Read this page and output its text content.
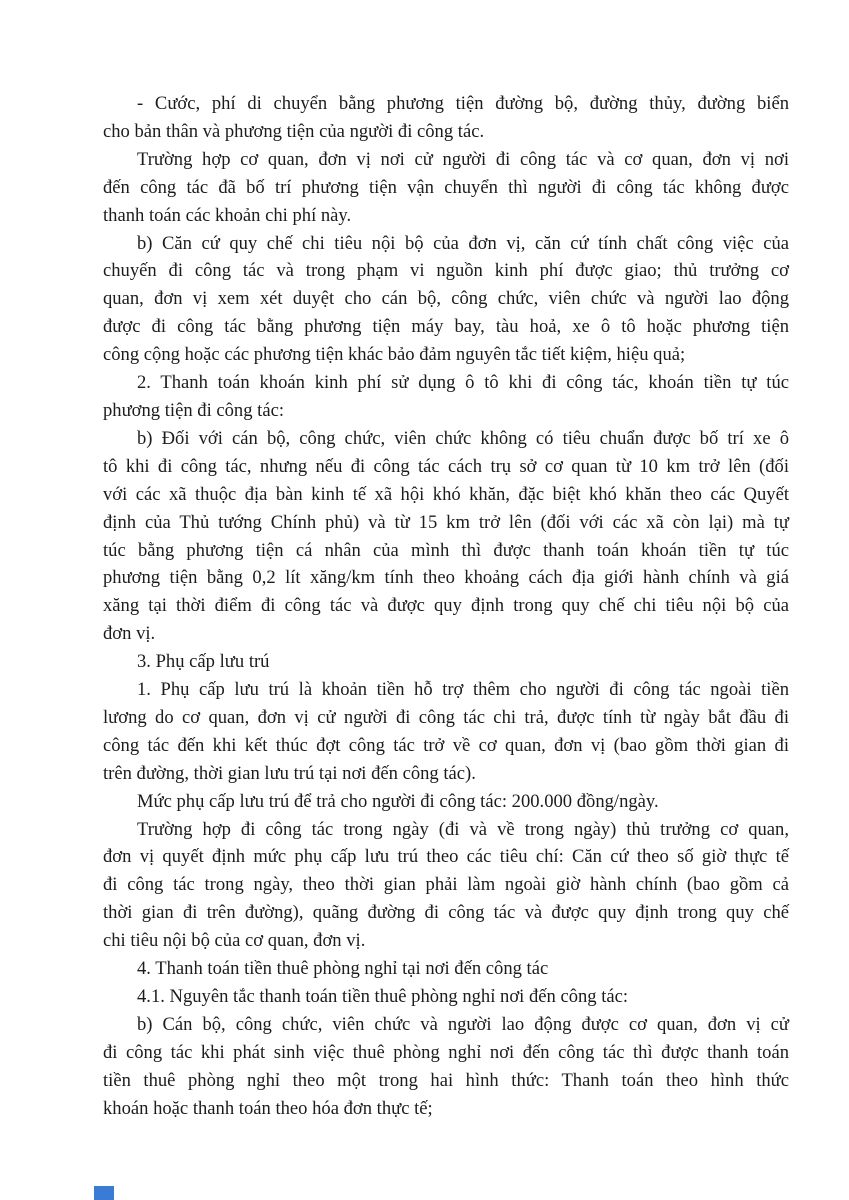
- Cước, phí di chuyển bằng phương tiện đường bộ, đường thủy, đường biển
cho bản thân và phương tiện của người đi công tác.
Trường hợp cơ quan, đơn vị nơi cử người đi công tác và cơ quan, đơn vị nơi
đến công tác đã bố trí phương tiện vận chuyển thì người đi công tác không được
thanh toán các khoản chi phí này.
b) Căn cứ quy chế chi tiêu nội bộ của đơn vị, căn cứ tính chất công việc của
chuyến đi công tác và trong phạm vi nguồn kinh phí được giao; thủ trưởng cơ
quan, đơn vị xem xét duyệt cho cán bộ, công chức, viên chức và người lao động
được đi công tác bằng phương tiện máy bay, tàu hoả, xe ô tô hoặc phương tiện
công cộng hoặc các phương tiện khác bảo đảm nguyên tắc tiết kiệm, hiệu quả;
2. Thanh toán khoán kinh phí sử dụng ô tô khi đi công tác, khoán tiền tự túc
phương tiện đi công tác:
b) Đối với cán bộ, công chức, viên chức không có tiêu chuẩn được bố trí xe ô
tô khi đi công tác, nhưng nếu đi công tác cách trụ sở cơ quan từ 10 km trở lên (đối
với các xã thuộc địa bàn kinh tế xã hội khó khăn, đặc biệt khó khăn theo các Quyết
định của Thủ tướng Chính phủ) và từ 15 km trở lên (đối với các xã còn lại) mà tự
túc bằng phương tiện cá nhân của mình thì được thanh toán khoán tiền tự túc
phương tiện bằng 0,2 lít xăng/km tính theo khoảng cách địa giới hành chính và giá
xăng tại thời điểm đi công tác và được quy định trong quy chế chi tiêu nội bộ của
đơn vị.
3. Phụ cấp lưu trú
1. Phụ cấp lưu trú là khoản tiền hỗ trợ thêm cho người đi công tác ngoài tiền
lương do cơ quan, đơn vị cử người đi công tác chi trả, được tính từ ngày bắt đầu đi
công tác đến khi kết thúc đợt công tác trở về cơ quan, đơn vị (bao gồm thời gian đi
trên đường, thời gian lưu trú tại nơi đến công tác).
Mức phụ cấp lưu trú để trả cho người đi công tác: 200.000 đồng/ngày.
Trường hợp đi công tác trong ngày (đi và về trong ngày) thủ trưởng cơ quan,
đơn vị quyết định mức phụ cấp lưu trú theo các tiêu chí: Căn cứ theo số giờ thực tế
đi công tác trong ngày, theo thời gian phải làm ngoài giờ hành chính (bao gồm cả
thời gian đi trên đường), quãng đường đi công tác và được quy định trong quy chế
chi tiêu nội bộ của cơ quan, đơn vị.
4. Thanh toán tiền thuê phòng nghỉ tại nơi đến công tác
4.1. Nguyên tắc thanh toán tiền thuê phòng nghỉ nơi đến công tác:
b) Cán bộ, công chức, viên chức và người lao động được cơ quan, đơn vị cử
đi công tác khi phát sinh việc thuê phòng nghỉ nơi đến công tác thì được thanh toán
tiền thuê phòng nghỉ theo một trong hai hình thức: Thanh toán theo hình thức
khoán hoặc thanh toán theo hóa đơn thực tế;
